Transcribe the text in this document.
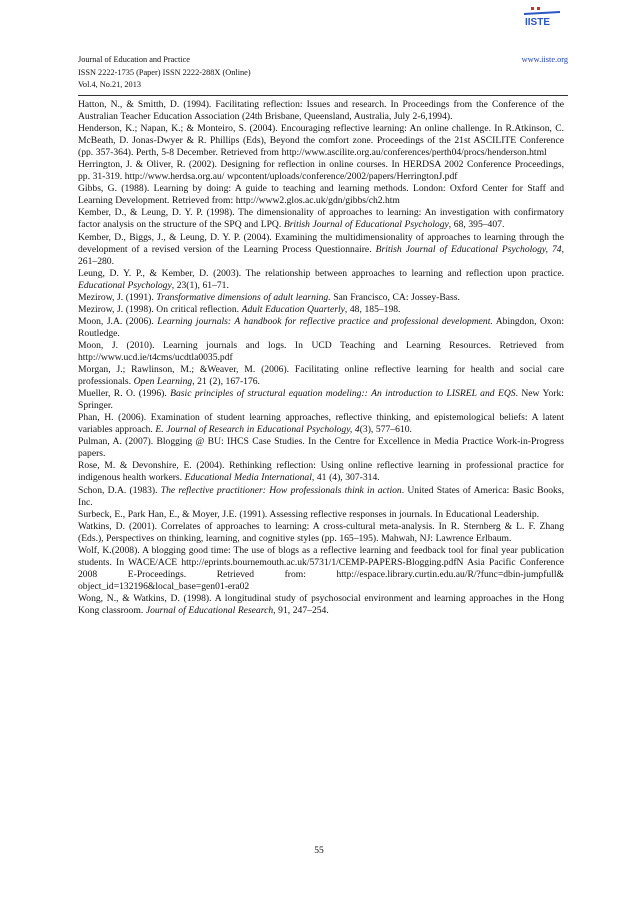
Journal of Education and Practice
ISSN 2222-1735 (Paper) ISSN 2222-288X (Online)
Vol.4, No.21, 2013
www.iiste.org
IISTE

Hatton, N., & Smitth, D. (1994). Facilitating reflection: Issues and research. In Proceedings from the Conference of the Australian Teacher Education Association (24th Brisbane, Queensland, Australia, July 2-6,1994).

Henderson, K.; Napan, K.; & Monteiro, S. (2004). Encouraging reflective learning: An online challenge. In R.Atkinson, C. McBeath, D. Jonas-Dwyer & R. Phillips (Eds), Beyond the comfort zone. Proceedings of the 21st ASCILITE Conference (pp. 357-364). Perth, 5-8 December. Retrieved from http://www.ascilite.org.au/conferences/perth04/procs/henderson.html

Herrington, J. & Oliver, R. (2002). Designing for reflection in online courses. In HERDSA 2002 Conference Proceedings, pp. 31-319. http://www.herdsa.org.au/ wpcontent/uploads/conference/2002/papers/HerringtonJ.pdf

Gibbs, G. (1988). Learning by doing: A guide to teaching and learning methods. London: Oxford Center for Staff and Learning Development. Retrieved from: http://www2.glos.ac.uk/gdn/gibbs/ch2.htm

Kember, D., & Leung, D. Y. P. (1998). The dimensionality of approaches to learning: An investigation with confirmatory factor analysis on the structure of the SPQ and LPQ. British Journal of Educational Psychology, 68, 395–407.

Kember, D., Biggs, J., & Leung, D. Y. P. (2004). Examining the multidimensionality of approaches to learning through the development of a revised version of the Learning Process Questionnaire. British Journal of Educational Psychology, 74, 261–280.

Leung, D. Y. P., & Kember, D. (2003). The relationship between approaches to learning and reflection upon practice. Educational Psychology, 23(1), 61–71.

Mezirow, J. (1991). Transformative dimensions of adult learning. San Francisco, CA: Jossey-Bass.

Mezirow, J. (1998). On critical reflection. Adult Education Quarterly, 48, 185–198.

Moon, J.A. (2006). Learning journals: A handbook for reflective practice and professional development. Abingdon, Oxon: Routledge.

Moon, J. (2010). Learning journals and logs. In UCD Teaching and Learning Resources. Retrieved from http://www.ucd.ie/t4cms/ucdtla0035.pdf

Morgan, J.; Rawlinson, M.; &Weaver, M. (2006). Facilitating online reflective learning for health and social care professionals. Open Learning, 21 (2), 167-176.

Mueller, R. O. (1996). Basic principles of structural equation modeling:: An introduction to LISREL and EQS. New York: Springer.

Phan, H. (2006). Examination of student learning approaches, reflective thinking, and epistemological beliefs: A latent variables approach. E. Journal of Research in Educational Psychology, 4(3), 577–610.

Pulman, A. (2007). Blogging @ BU: IHCS Case Studies. In the Centre for Excellence in Media Practice Work-in-Progress papers.

Rose, M. & Devonshire, E. (2004). Rethinking reflection: Using online reflective learning in professional practice for indigenous health workers. Educational Media International, 41 (4), 307-314.

Schon, D.A. (1983). The reflective practitioner: How professionals think in action. United States of America: Basic Books, Inc.

Surbeck, E., Park Han, E., & Moyer, J.E. (1991). Assessing reflective responses in journals. In Educational Leadership.

Watkins, D. (2001). Correlates of approaches to learning: A cross-cultural meta-analysis. In R. Sternberg & L. F. Zhang (Eds.), Perspectives on thinking, learning, and cognitive styles (pp. 165–195). Mahwah, NJ: Lawrence Erlbaum.

Wolf, K.(2008). A blogging good time: The use of blogs as a reflective learning and feedback tool for final year publication students. In WACE/ACE http://eprints.bournemouth.ac.uk/5731/1/CEMP-PAPERS-Blogging.pdfN Asia Pacific Conference 2008 E-Proceedings. Retrieved from: http://espace.library.curtin.edu.au/R/?func=dbin-jumpfull& object_id=132196&local_base=gen01-era02

Wong, N., & Watkins, D. (1998). A longitudinal study of psychosocial environment and learning approaches in the Hong Kong classroom. Journal of Educational Research, 91, 247–254.

55
